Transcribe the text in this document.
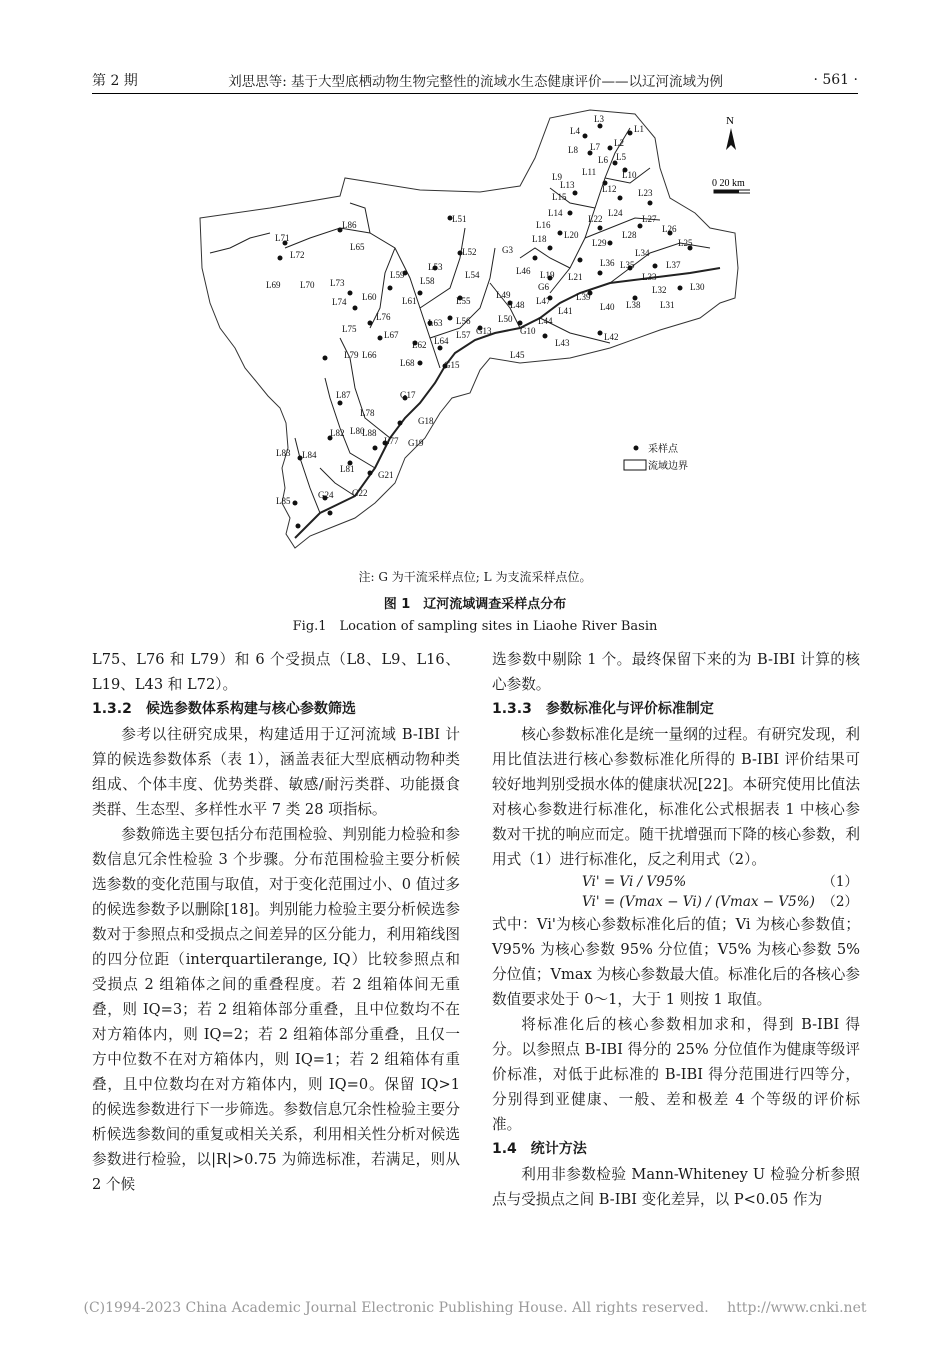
第 2 期	刘思思等: 基于大型底栖动物生物完整性的流域水生态健康评价——以辽河流域为例	· 561 ·
L3
L4	L1
L2
L8 L7
L6 L5
L11	L10
L9
L13	L12 L23
L15
L14	L24
L27
L16
L22
L26
L18 L20
L25
L29
L28
L51
L86
G3
L65
L71
L72
L69 L70
L52
L53
L54	L46 L19 L21
L36
L34
L37
L35
L33
L32	L30
L31
L38
L40
L39
L48 L47
L49
L44
L41
L50
L43
L42
G10
L45
G6
L58
L59
L60	L61
L73
L74	L55
L56
L57 G13
L63
L62 L64
L75
L76
L67
L66
G15
L79
L68
L87
L78
L88
G17
G18
L82 L80
L77 G19
L83 L84
L81
G21
L85
G24 G22
N
0 20 km
采样点
流域边界
注: G 为干流采样点位; L 为支流采样点位。
图 1　辽河流域调查采样点分布
Fig.1　Location of sampling sites in Liaohe River Basin

L75、L76 和 L79）和 6 个受损点（L8、L9、L16、L19、L43 和 L72）。

1.3.2　候选参数体系构建与核心参数筛选

参考以往研究成果，构建适用于辽河流域 B-IBI 计算的候选参数体系（表 1），涵盖表征大型底栖动物种类组成、个体丰度、优势类群、敏感/耐污类群、功能摄食类群、生态型、多样性水平 7 类 28 项指标。

参数筛选主要包括分布范围检验、判别能力检验和参数信息冗余性检验 3 个步骤。分布范围检验主要分析候选参数的变化范围与取值，对于变化范围过小、0 值过多的候选参数予以删除[18]。判别能力检验主要分析候选参数对于参照点和受损点之间差异的区分能力，利用箱线图的四分位距（interquartilerange, IQ）比较参照点和受损点 2 组箱体之间的重叠程度。若 2 组箱体间无重叠，则 IQ=3；若 2 组箱体部分重叠，且中位数均不在对方箱体内，则 IQ=2；若 2 组箱体部分重叠，且仅一方中位数不在对方箱体内，则 IQ=1；若 2 组箱体有重叠，且中位数均在对方箱体内，则 IQ=0。保留 IQ>1 的候选参数进行下一步筛选。参数信息冗余性检验主要分析候选参数间的重复或相关关系，利用相关性分析对候选参数进行检验，以|R|>0.75 为筛选标准，若满足，则从 2 个候

选参数中剔除 1 个。最终保留下来的为 B-IBI 计算的核心参数。

1.3.3　参数标准化与评价标准制定

核心参数标准化是统一量纲的过程。有研究发现，利用比值法进行核心参数标准化所得的 B-IBI 评价结果可较好地判别受损水体的健康状况[22]。本研究使用比值法对核心参数进行标准化，标准化公式根据表 1 中核心参数对干扰的响应而定。随干扰增强而下降的核心参数，利用式（1）进行标准化，反之利用式（2）。

Vi' = Vi / V95%	（1）
Vi' = (Vmax − Vi) / (Vmax − V5%) （2）

式中：Vi'为核心参数标准化后的值；Vi 为核心参数值；V95% 为核心参数 95% 分位值；V5% 为核心参数 5% 分位值；Vmax 为核心参数最大值。标准化后的各核心参数值要求处于 0～1，大于 1 则按 1 取值。

将标准化后的核心参数相加求和，得到 B-IBI 得分。以参照点 B-IBI 得分的 25% 分位值作为健康等级评价标准，对低于此标准的 B-IBI 得分范围进行四等分，分别得到亚健康、一般、差和极差 4 个等级的评价标准。

1.4　统计方法

利用非参数检验 Mann-Whiteney U 检验分析参照点与受损点之间 B-IBI 变化差异，以 P<0.05 作为

(C)1994-2023 China Academic Journal Electronic Publishing House. All rights reserved.　 http://www.cnki.net
